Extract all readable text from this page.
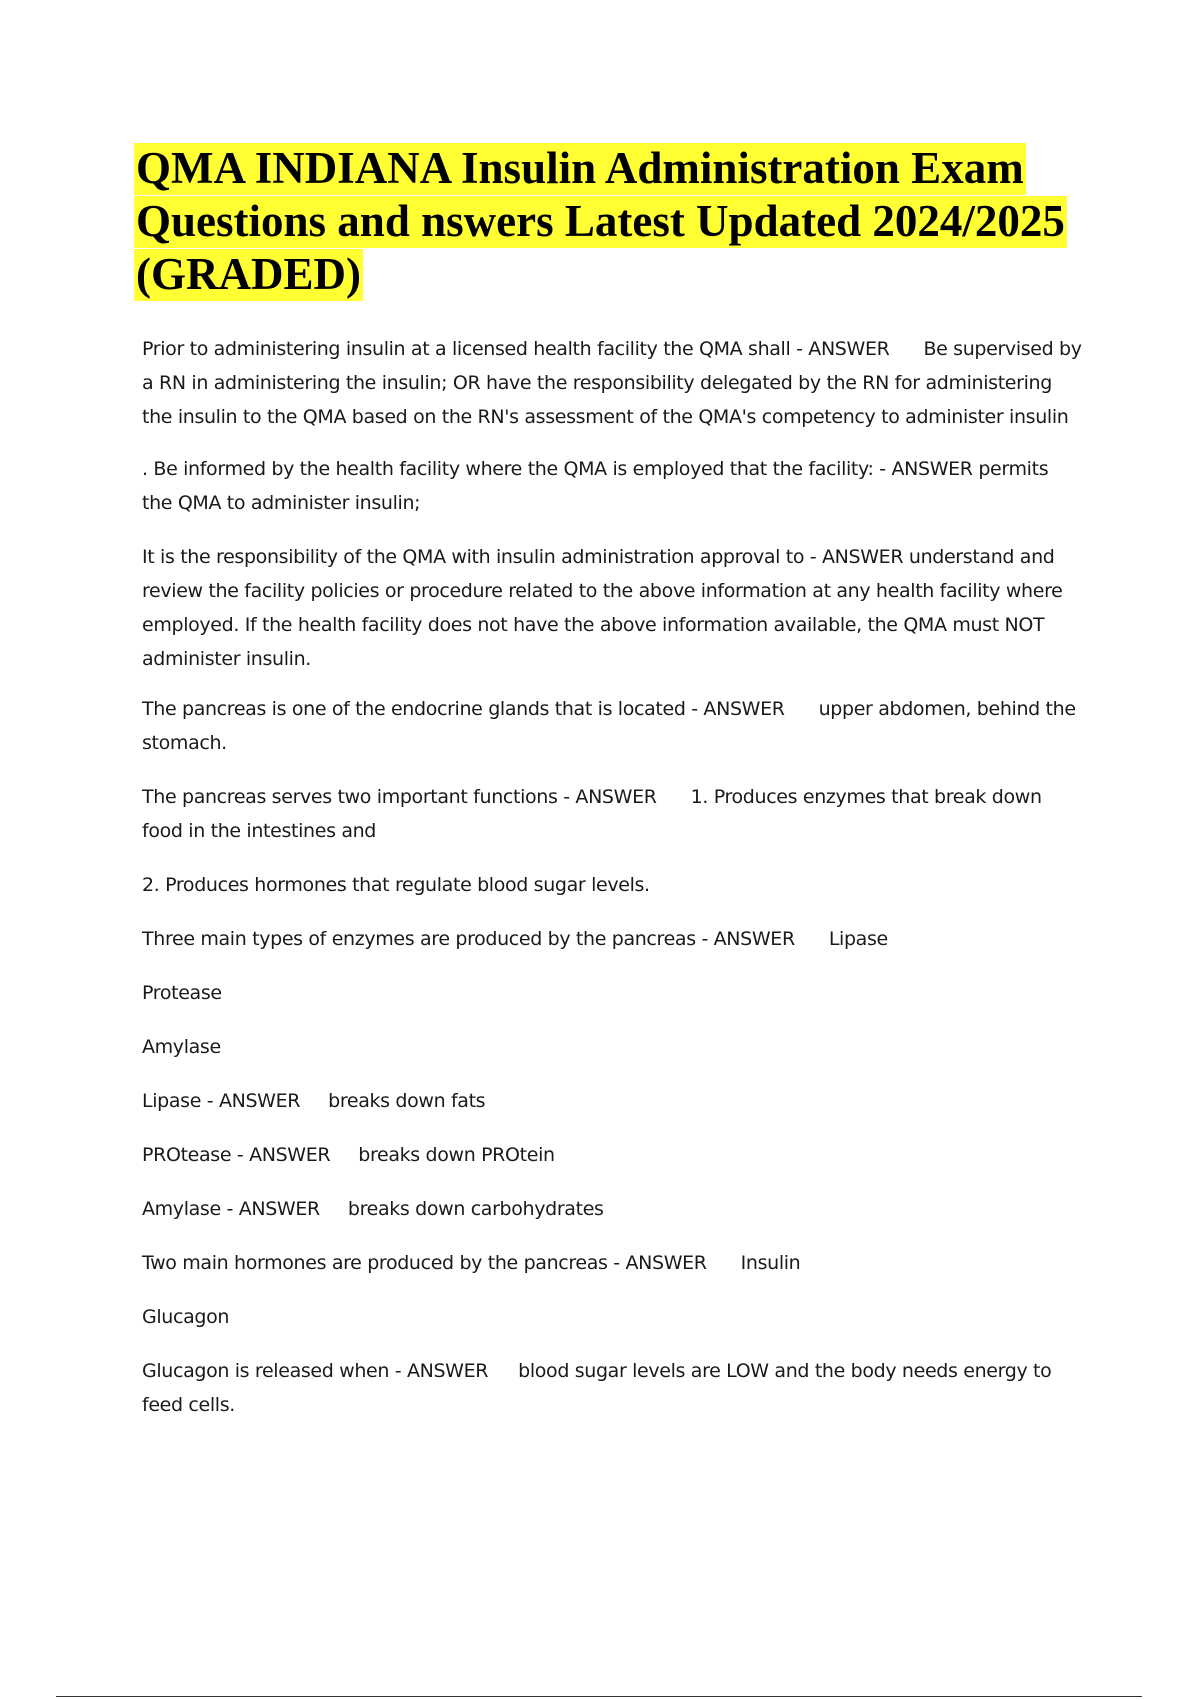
QMA INDIANA Insulin Administration Exam
Questions and nswers Latest Updated 2024/2025
(GRADED)

Prior to administering insulin at a licensed health facility the QMA shall - ANSWER Be supervised by a RN in administering the insulin; OR have the responsibility delegated by the RN for administering the insulin to the QMA based on the RN's assessment of the QMA's competency to administer insulin

. Be informed by the health facility where the QMA is employed that the facility: - ANSWER permits the QMA to administer insulin;

It is the responsibility of the QMA with insulin administration approval to - ANSWER understand and review the facility policies or procedure related to the above information at any health facility where employed. If the health facility does not have the above information available, the QMA must NOT administer insulin.

The pancreas is one of the endocrine glands that is located - ANSWER upper abdomen, behind the stomach.

The pancreas serves two important functions - ANSWER 1. Produces enzymes that break down food in the intestines and

2. Produces hormones that regulate blood sugar levels.

Three main types of enzymes are produced by the pancreas - ANSWER Lipase

Protease

Amylase

Lipase - ANSWER breaks down fats

PROtease - ANSWER breaks down PROtein

Amylase - ANSWER breaks down carbohydrates

Two main hormones are produced by the pancreas - ANSWER Insulin

Glucagon

Glucagon is released when - ANSWER blood sugar levels are LOW and the body needs energy to feed cells.
